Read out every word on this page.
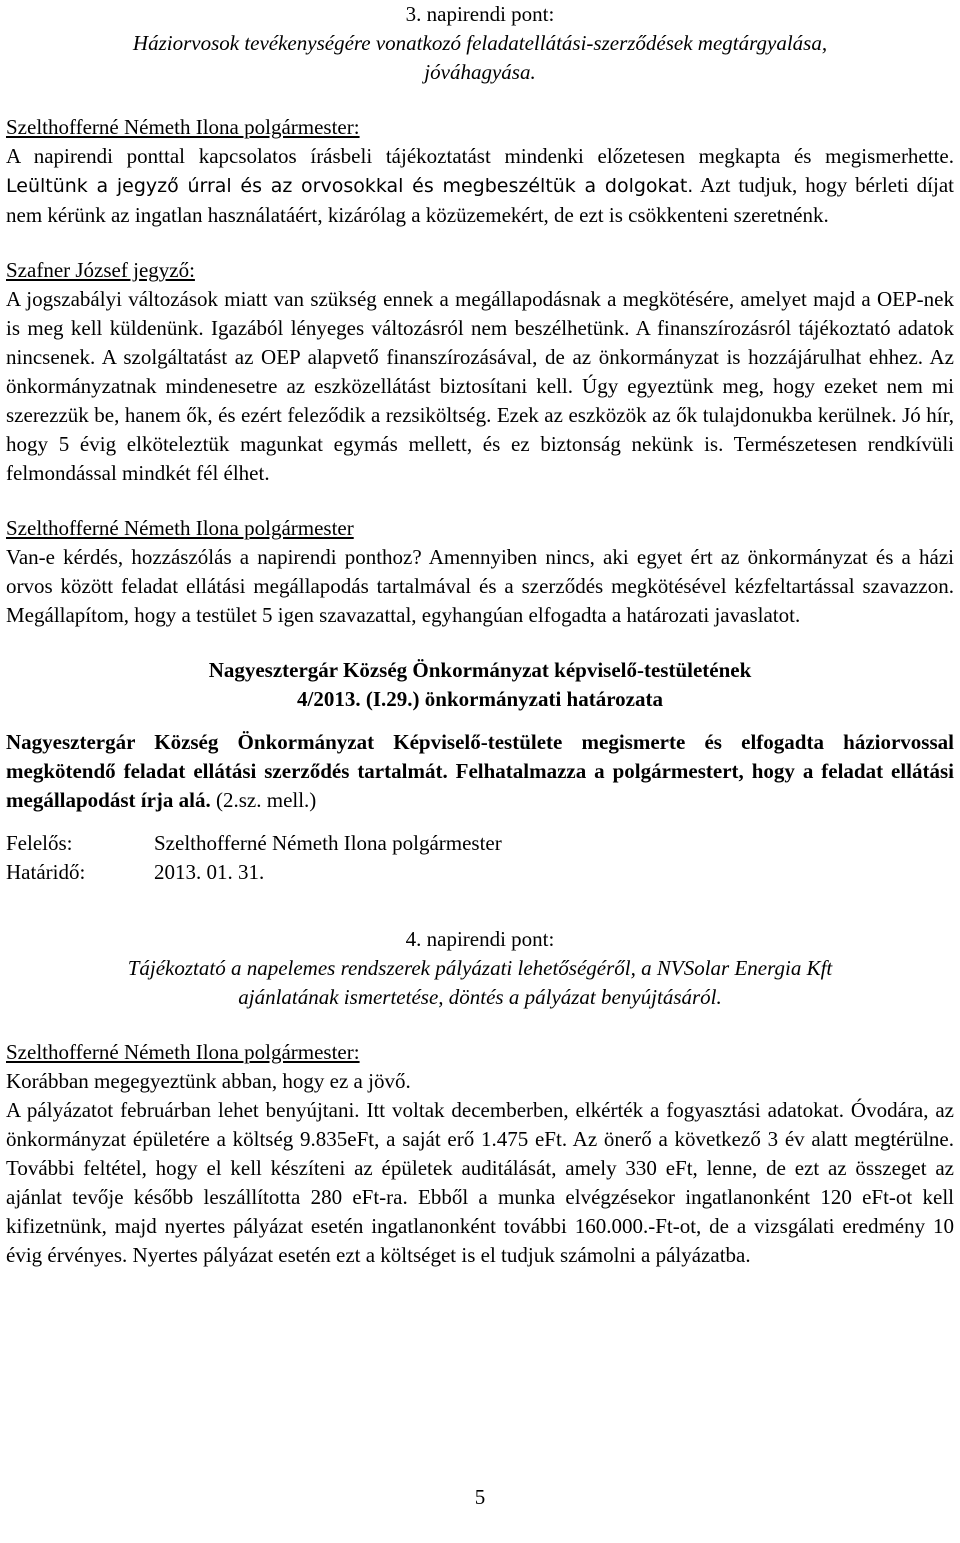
3. napirendi pont:

Háziorvosok tevékenységére vonatkozó feladatellátási-szerződések megtárgyalása,

jóváhagyása.

Szelthofferné Németh Ilona polgármester:

A napirendi ponttal kapcsolatos írásbeli tájékoztatást mindenki előzetesen megkapta és megismerhette. Leültünk a jegyző úrral és az orvosokkal és megbeszéltük a dolgokat. Azt tudjuk, hogy bérleti díjat nem kérünk az ingatlan használatáért, kizárólag a közüzemekért, de ezt is csökkenteni szeretnénk.

Szafner József jegyző:

A jogszabályi változások miatt van szükség ennek a megállapodásnak a megkötésére, amelyet majd a OEP-nek is meg kell küldenünk. Igazából lényeges változásról nem beszélhetünk. A finanszírozásról tájékoztató adatok nincsenek. A szolgáltatást az OEP alapvető finanszírozásával, de az önkormányzat is hozzájárulhat ehhez. Az önkormányzatnak mindenesetre az eszközellátást biztosítani kell. Úgy egyeztünk meg, hogy ezeket nem mi szerezzük be, hanem ők, és ezért feleződik a rezsiköltség. Ezek az eszközök az ők tulajdonukba kerülnek. Jó hír, hogy 5 évig elköteleztük magunkat egymás mellett, és ez biztonság nekünk is. Természetesen rendkívüli felmondással mindkét fél élhet.

Szelthofferné Németh Ilona polgármester

Van-e kérdés, hozzászólás a napirendi ponthoz? Amennyiben nincs, aki egyet ért az önkormányzat és a házi orvos között feladat ellátási megállapodás tartalmával és a szerződés megkötésével kézfeltartással szavazzon. Megállapítom, hogy a testület 5 igen szavazattal, egyhangúan elfogadta a határozati javaslatot.

Nagyesztergár Község Önkormányzat képviselő-testületének

4/2013. (I.29.) önkormányzati határozata

Nagyesztergár Község Önkormányzat Képviselő-testülete megismerte és elfogadta háziorvossal megkötendő feladat ellátási szerződés tartalmát. Felhatalmazza a polgármestert, hogy a feladat ellátási megállapodást írja alá. (2.sz. mell.)

Felelős:	Szelthofferné Németh Ilona polgármester
Határidő:	2013. 01. 31.

4. napirendi pont:

Tájékoztató a napelemes rendszerek pályázati lehetőségéről, a NVSolar Energia Kft

ajánlatának ismertetése, döntés a pályázat benyújtásáról.

Szelthofferné Németh Ilona polgármester:

Korábban megegyeztünk abban, hogy ez a jövő.

A pályázatot februárban lehet benyújtani. Itt voltak decemberben, elkérték a fogyasztási adatokat. Óvodára, az önkormányzat épületére a költség 9.835eFt, a saját erő 1.475 eFt. Az önerő a következő 3 év alatt megtérülne. További feltétel, hogy el kell készíteni az épületek auditálását, amely 330 eFt, lenne, de ezt az összeget az ajánlat tevője később leszállította 280 eFt-ra. Ebből a munka elvégzésekor ingatlanonként 120 eFt-ot kell kifizetnünk, majd nyertes pályázat esetén ingatlanonként további 160.000.-Ft-ot, de a vizsgálati eredmény 10 évig érvényes. Nyertes pályázat esetén ezt a költséget is el tudjuk számolni a pályázatba.

5
